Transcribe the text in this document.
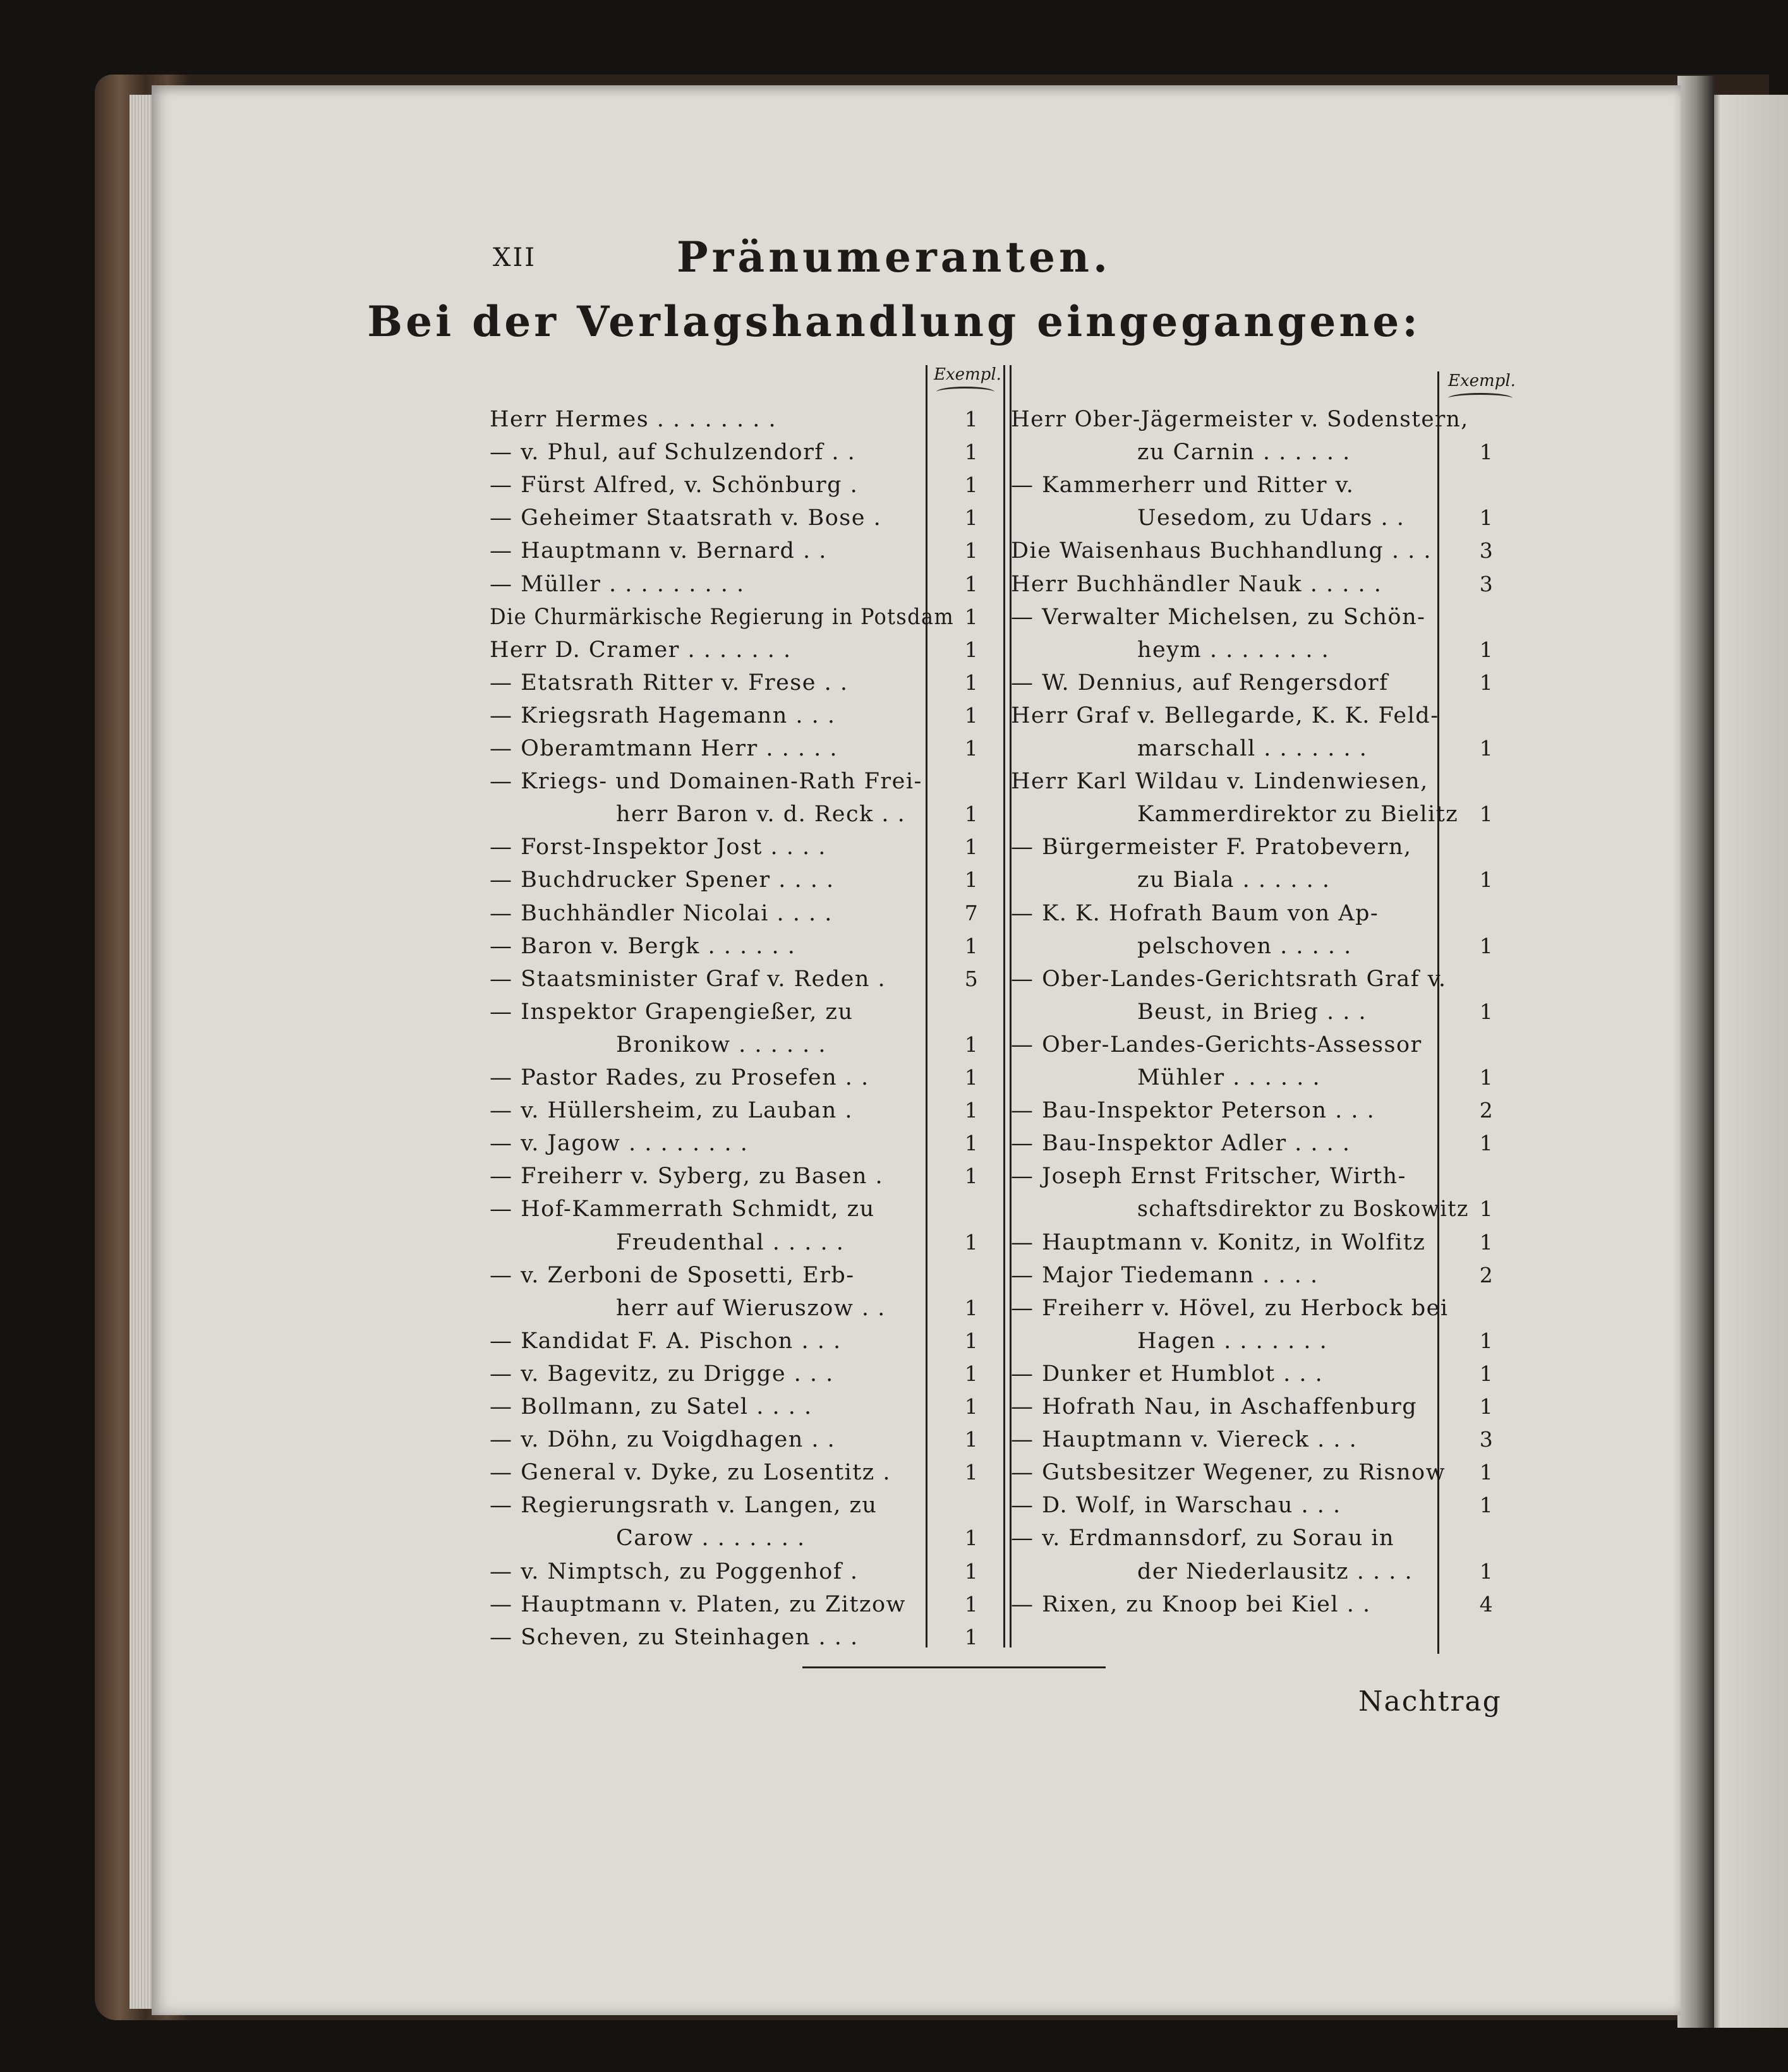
XII	Pränumeranten.
Bei der Verlagshandlung eingegangene:
Exempl.	Exempl.
Herr Hermes . . . . . . . .	1
— v. Phul, auf Schulzendorf . .	1
— Fürst Alfred, v. Schönburg .	1
— Geheimer Staatsrath v. Bose .	1
— Hauptmann v. Bernard . .	1
— Müller . . . . . . . . .	1
Die Churmärkische Regierung in Potsdam 1
Herr D. Cramer . . . . . . .	1
— Etatsrath Ritter v. Frese . .	1
— Kriegsrath Hagemann . . .	1
— Oberamtmann Herr . . . . .	1
— Kriegs- und Domainen-Rath Frei-
herr Baron v. d. Reck . .	1
— Forst-Inspektor Jost . . . .	1
— Buchdrucker Spener . . . .	1
— Buchhändler Nicolai . . . .	7
— Baron v. Bergk . . . . . .	1
— Staatsminister Graf v. Reden .	5
— Inspektor Grapengießer, zu
Bronikow . . . . . .	1
— Pastor Rades, zu Prosefen . .	1
— v. Hüllersheim, zu Lauban .	1
— v. Jagow . . . . . . . .	1
— Freiherr v. Syberg, zu Basen .	1
— Hof-Kammerrath Schmidt, zu
Freudenthal . . . . .	1
— v. Zerboni de Sposetti, Erb-
herr auf Wieruszow . .	1
— Kandidat F. A. Pischon . . .	1
— v. Bagevitz, zu Drigge . . .	1
— Bollmann, zu Satel . . . .	1
— v. Döhn, zu Voigdhagen . .	1
— General v. Dyke, zu Losentitz .	1
— Regierungsrath v. Langen, zu
Carow . . . . . . .	1
— v. Nimptsch, zu Poggenhof .	1
— Hauptmann v. Platen, zu Zitzow	1
— Scheven, zu Steinhagen . . .	1
Herr Ober-Jägermeister v. Sodenstern,
zu Carnin . . . . . .	1
— Kammerherr und Ritter v.
Uesedom, zu Udars . .	1
Die Waisenhaus Buchhandlung . . . 3
Herr Buchhändler Nauk . . . . .	3
— Verwalter Michelsen, zu Schön-
heym . . . . . . . .	1
— W. Dennius, auf Rengersdorf	1
Herr Graf v. Bellegarde, K. K. Feld-
marschall . . . . . . .	1
Herr Karl Wildau v. Lindenwiesen,
Kammerdirektor zu Bielitz 1
— Bürgermeister F. Pratobevern,
zu Biala . . . . . .	1
— K. K. Hofrath Baum von Ap-
pelschoven . . . . .	1
— Ober-Landes-Gerichtsrath Graf v.
Beust, in Brieg . . .	1
— Ober-Landes-Gerichts-Assessor
Mühler . . . . . .	1
— Bau-Inspektor Peterson . . .	2
— Bau-Inspektor Adler . . . .	1
— Joseph Ernst Fritscher, Wirth-
schaftsdirektor zu Boskowitz 1
— Hauptmann v. Konitz, in Wolfitz	1
— Major Tiedemann . . . .	2
— Freiherr v. Hövel, zu Herbock bei
Hagen . . . . . . .	1
— Dunker et Humblot . . .	1
— Hofrath Nau, in Aschaffenburg	1
— Hauptmann v. Viereck . . .	3
— Gutsbesitzer Wegener, zu Risnow 1
— D. Wolf, in Warschau . . .	1
— v. Erdmannsdorf, zu Sorau in
der Niederlausitz . . . .	1
— Rixen, zu Knoop bei Kiel . .	4
Nachtrag
